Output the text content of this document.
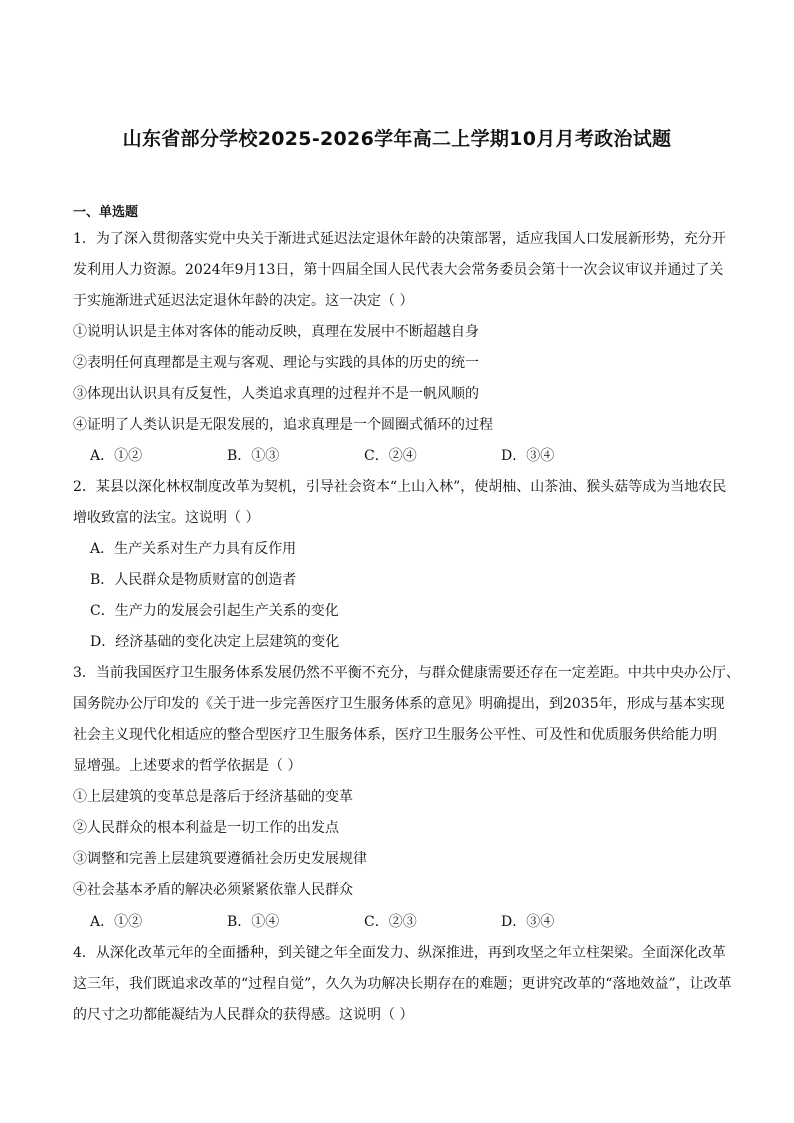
山东省部分学校2025-2026学年高二上学期10月月考政治试题
一、单选题
1．为了深入贯彻落实党中央关于渐进式延迟法定退休年龄的决策部署，适应我国人口发展新形势，充分开
发利用人力资源。2024年9月13日，第十四届全国人民代表大会常务委员会第十一次会议审议并通过了关
于实施渐进式延迟法定退休年龄的决定。这一决定（ ）
①说明认识是主体对客体的能动反映，真理在发展中不断超越自身
②表明任何真理都是主观与客观、理论与实践的具体的历史的统一
③体现出认识具有反复性，人类追求真理的过程并不是一帆风顺的
④证明了人类认识是无限发展的，追求真理是一个圆圈式循环的过程
A．①②	B．①③	C．②④	D．③④
2．某县以深化林权制度改革为契机，引导社会资本“上山入林”，使胡柚、山茶油、猴头菇等成为当地农民
增收致富的法宝。这说明（ ）
A．生产关系对生产力具有反作用
B．人民群众是物质财富的创造者
C．生产力的发展会引起生产关系的变化
D．经济基础的变化决定上层建筑的变化
3．当前我国医疗卫生服务体系发展仍然不平衡不充分，与群众健康需要还存在一定差距。中共中央办公厅、
国务院办公厅印发的《关于进一步完善医疗卫生服务体系的意见》明确提出，到2035年，形成与基本实现
社会主义现代化相适应的整合型医疗卫生服务体系，医疗卫生服务公平性、可及性和优质服务供给能力明
显增强。上述要求的哲学依据是（ ）
①上层建筑的变革总是落后于经济基础的变革
②人民群众的根本利益是一切工作的出发点
③调整和完善上层建筑要遵循社会历史发展规律
④社会基本矛盾的解决必须紧紧依靠人民群众
A．①②	B．①④	C．②③	D．③④
4．从深化改革元年的全面播种，到关键之年全面发力、纵深推进，再到攻坚之年立柱架梁。全面深化改革
这三年，我们既追求改革的“过程自觉”，久久为功解决长期存在的难题；更讲究改革的“落地效益”，让改革
的尺寸之功都能凝结为人民群众的获得感。这说明（ ）
